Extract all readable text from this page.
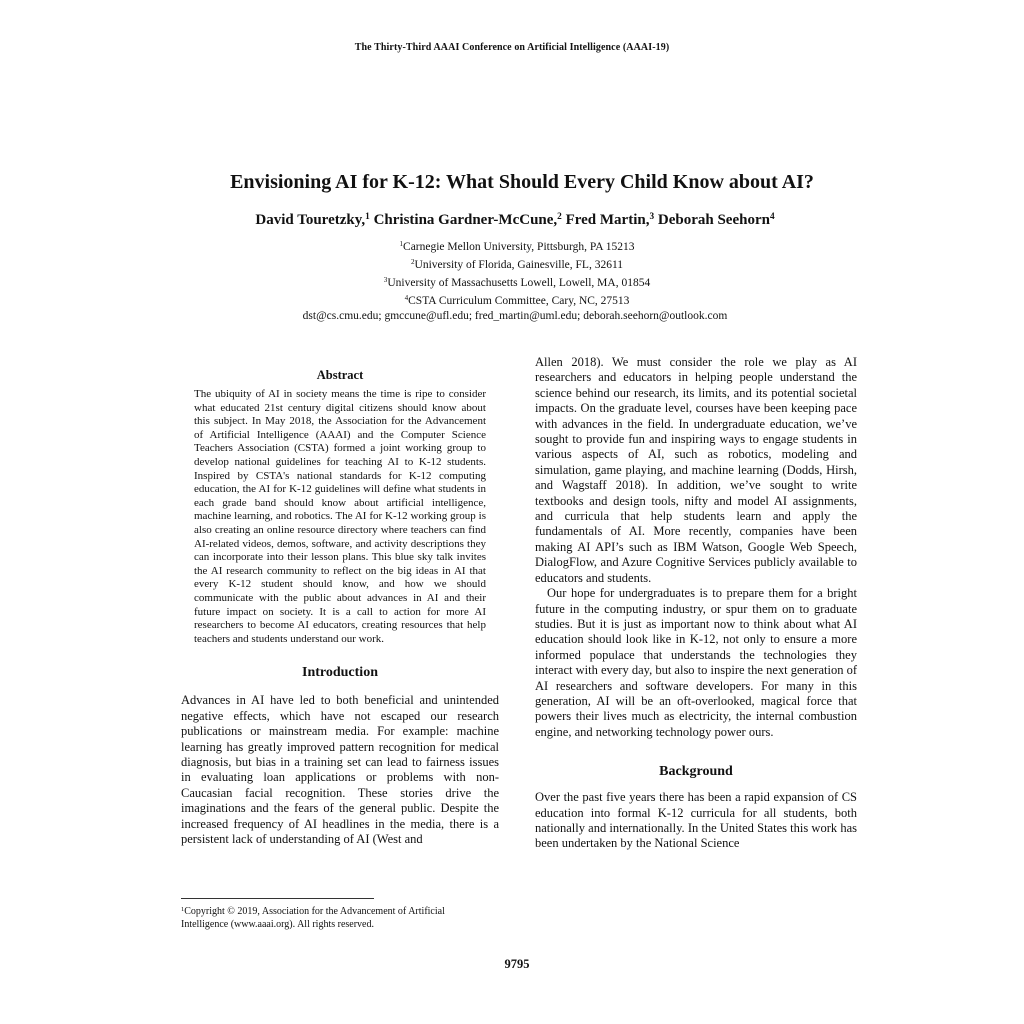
The Thirty-Third AAAI Conference on Artificial Intelligence (AAAI-19)
Envisioning AI for K-12: What Should Every Child Know about AI?
David Touretzky,$^1$ Christina Gardner-McCune,$^2$ Fred Martin,$^3$ Deborah Seehorn$^4$
$^1$Carnegie Mellon University, Pittsburgh, PA 15213
$^2$University of Florida, Gainesville, FL, 32611
$^3$University of Massachusetts Lowell, Lowell, MA, 01854
$^4$CSTA Curriculum Committee, Cary, NC, 27513
dst@cs.cmu.edu; gmccune@ufl.edu; fred_martin@uml.edu; deborah.seehorn@outlook.com
Abstract

The ubiquity of AI in society means the time is ripe to consider what educated 21st century digital citizens should know about this subject. In May 2018, the Association for the Advancement of Artificial Intelligence (AAAI) and the Computer Science Teachers Association (CSTA) formed a joint working group to develop national guidelines for teaching AI to K-12 students. Inspired by CSTA's national standards for K-12 computing education, the AI for K-12 guidelines will define what students in each grade band should know about artificial intelligence, machine learning, and robotics. The AI for K-12 working group is also creating an online resource directory where teachers can find AI-related videos, demos, software, and activity descriptions they can incorporate into their lesson plans. This blue sky talk invites the AI research community to reflect on the big ideas in AI that every K-12 student should know, and how we should communicate with the public about advances in AI and their future impact on society. It is a call to action for more AI researchers to become AI educators, creating resources that help teachers and students understand our work.

Introduction

Advances in AI have led to both beneficial and unintended negative effects, which have not escaped our research publications or mainstream media. For example: machine learning has greatly improved pattern recognition for medical diagnosis, but bias in a training set can lead to fairness issues in evaluating loan applications or problems with non-Caucasian facial recognition. These stories drive the imaginations and the fears of the general public. Despite the increased frequency of AI headlines in the media, there is a persistent lack of understanding of AI (West and

Allen 2018). We must consider the role we play as AI researchers and educators in helping people understand the science behind our research, its limits, and its potential societal impacts. On the graduate level, courses have been keeping pace with advances in the field. In undergraduate education, we’ve sought to provide fun and inspiring ways to engage students in various aspects of AI, such as robotics, modeling and simulation, game playing, and machine learning (Dodds, Hirsh, and Wagstaff 2018). In addition, we’ve sought to write textbooks and design tools, nifty and model AI assignments, and curricula that help students learn and apply the fundamentals of AI. More recently, companies have been making AI API’s such as IBM Watson, Google Web Speech, DialogFlow, and Azure Cognitive Services publicly available to educators and students.

Our hope for undergraduates is to prepare them for a bright future in the computing industry, or spur them on to graduate studies. But it is just as important now to think about what AI education should look like in K-12, not only to ensure a more informed populace that understands the technologies they interact with every day, but also to inspire the next generation of AI researchers and software developers. For many in this generation, AI will be an oft-overlooked, magical force that powers their lives much as electricity, the internal combustion engine, and networking technology power ours.

Background

Over the past five years there has been a rapid expansion of CS education into formal K-12 curricula for all students, both nationally and internationally. In the United States this work has been undertaken by the National Science

$^1$Copyright © 2019, Association for the Advancement of Artificial Intelligence (www.aaai.org). All rights reserved.
9795
